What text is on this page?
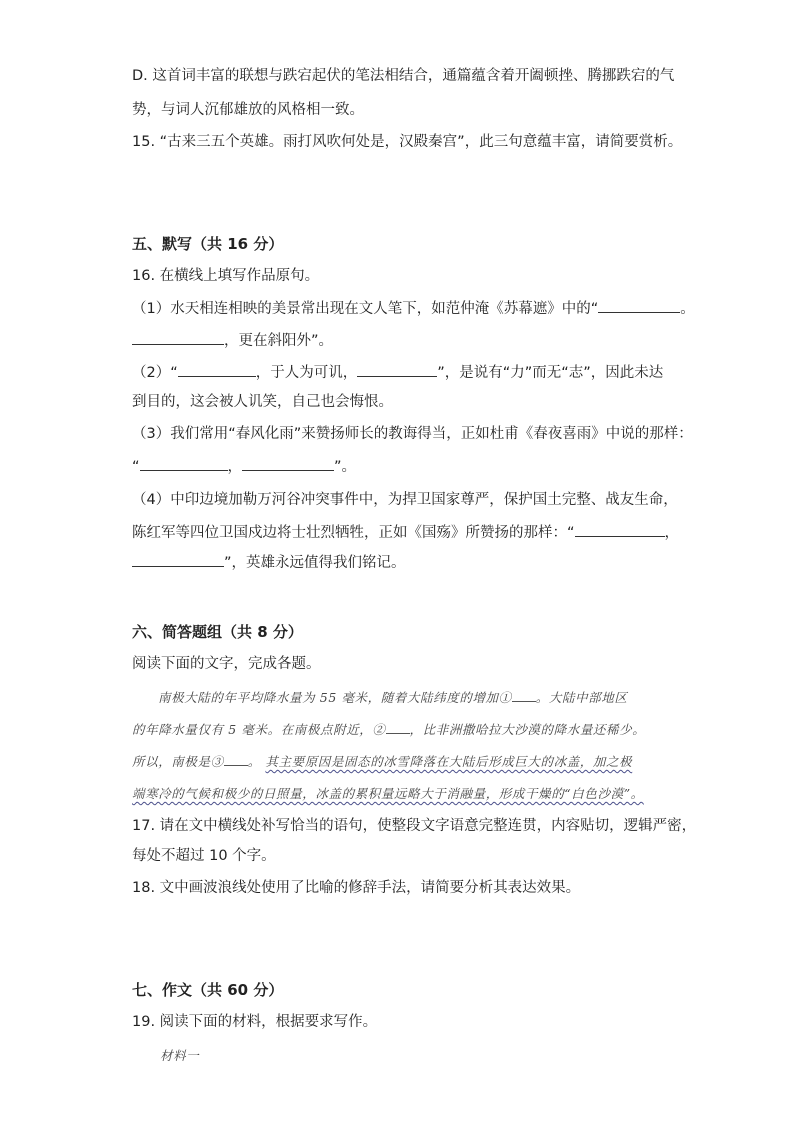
D. 这首词丰富的联想与跌宕起伏的笔法相结合，通篇蕴含着开阖顿挫、腾挪跌宕的气
势，与词人沉郁雄放的风格相一致。
15. “古来三五个英雄。雨打风吹何处是，汉殿秦宫”，此三句意蕴丰富，请简要赏析。
五、默写（共 16 分）
16. 在横线上填写作品原句。
（1）水天相连相映的美景常出现在文人笔下，如范仲淹《苏幕遮》中的“	。
，更在斜阳外”。
（2）“	，于人为可讥，	”，是说有“力”而无“志”，因此未达
到目的，这会被人讥笑，自己也会悔恨。
（3）我们常用“春风化雨”来赞扬师长的教诲得当，正如杜甫《春夜喜雨》中说的那样：
“	，	”。
（4）中印边境加勒万河谷冲突事件中，为捍卫国家尊严，保护国土完整、战友生命，
陈红军等四位卫国戍边将士壮烈牺牲，正如《国殇》所赞扬的那样：“	，
”，英雄永远值得我们铭记。
六、简答题组（共 8 分）
阅读下面的文字，完成各题。
南极大陆的年平均降水量为 55 毫米，随着大陆纬度的增加① 。大陆中部地区
的年降水量仅有 5 毫米。在南极点附近，② ，比非洲撒哈拉大沙漠的降水量还稀少。
所以，南极是③ 。 其主要原因是固态的冰雪降落在大陆后形成巨大的冰盖，加之极
端寒冷的气候和极少的日照量，冰盖的累积量远略大于消融量，形成干燥的“白色沙漠”。
17. 请在文中横线处补写恰当的语句，使整段文字语意完整连贯，内容贴切，逻辑严密，
每处不超过 10 个字。
18. 文中画波浪线处使用了比喻的修辞手法，请简要分析其表达效果。
七、作文（共 60 分）
19. 阅读下面的材料，根据要求写作。
材料一
